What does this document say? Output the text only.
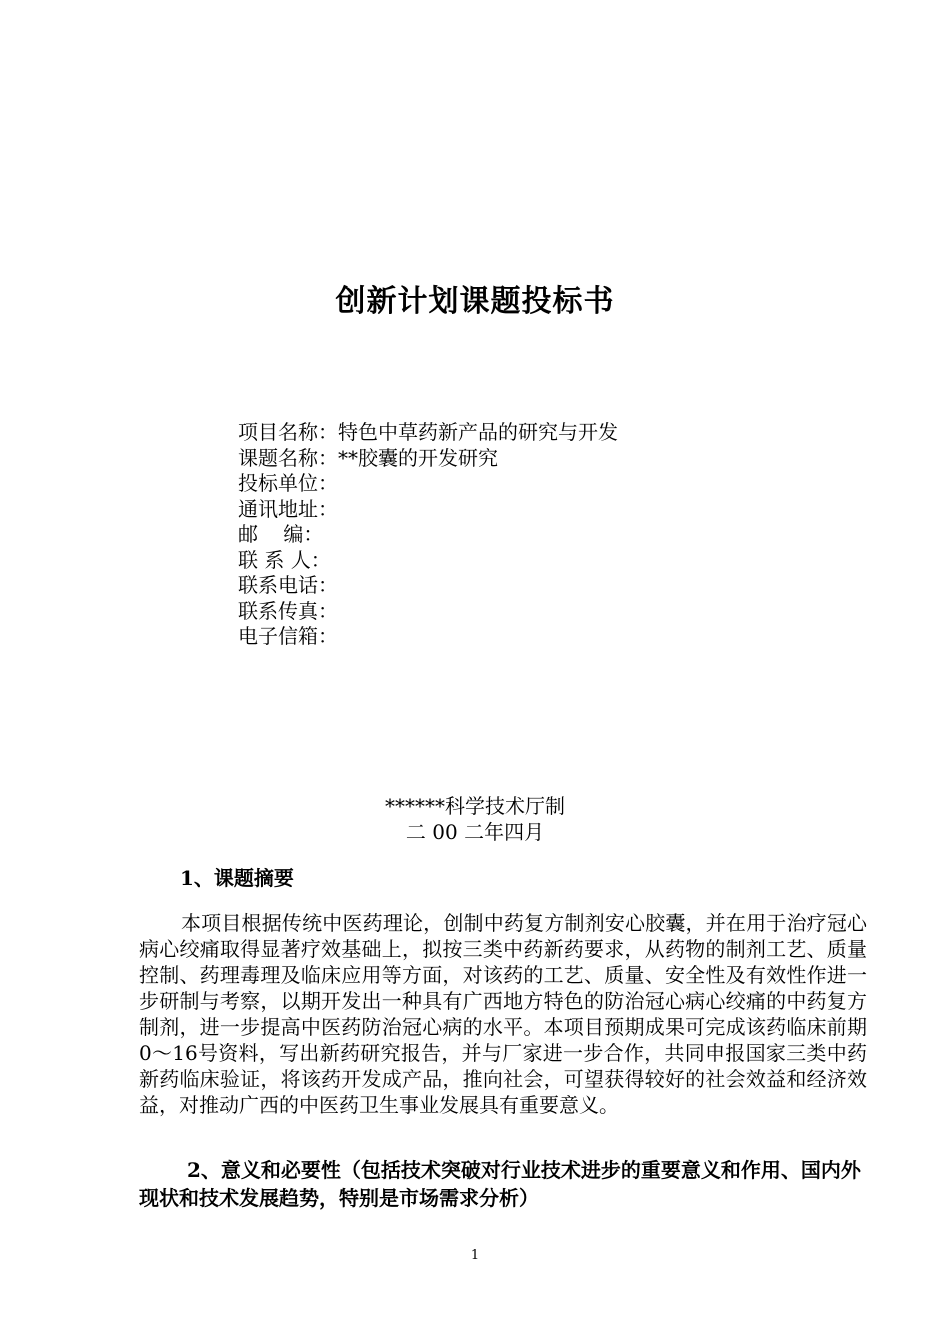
创新计划课题投标书
项目名称：特色中草药新产品的研究与开发
课题名称：**胶囊的开发研究
投标单位：
通讯地址：
邮    编：
联 系 人：
联系电话：
联系传真：
电子信箱：
******科学技术厅制
二 00 二年四月
1、课题摘要

本项目根据传统中医药理论，创制中药复方制剂安心胶囊，并在用于治疗冠心病心绞痛取得显著疗效基础上，拟按三类中药新药要求，从药物的制剂工艺、质量控制、药理毒理及临床应用等方面，对该药的工艺、质量、安全性及有效性作进一步研制与考察，以期开发出一种具有广西地方特色的防治冠心病心绞痛的中药复方制剂，进一步提高中医药防治冠心病的水平。本项目预期成果可完成该药临床前期0～16号资料，写出新药研究报告，并与厂家进一步合作，共同申报国家三类中药新药临床验证，将该药开发成产品，推向社会，可望获得较好的社会效益和经济效益，对推动广西的中医药卫生事业发展具有重要意义。

2、意义和必要性（包括技术突破对行业技术进步的重要意义和作用、国内外现状和技术发展趋势，特别是市场需求分析）
1
